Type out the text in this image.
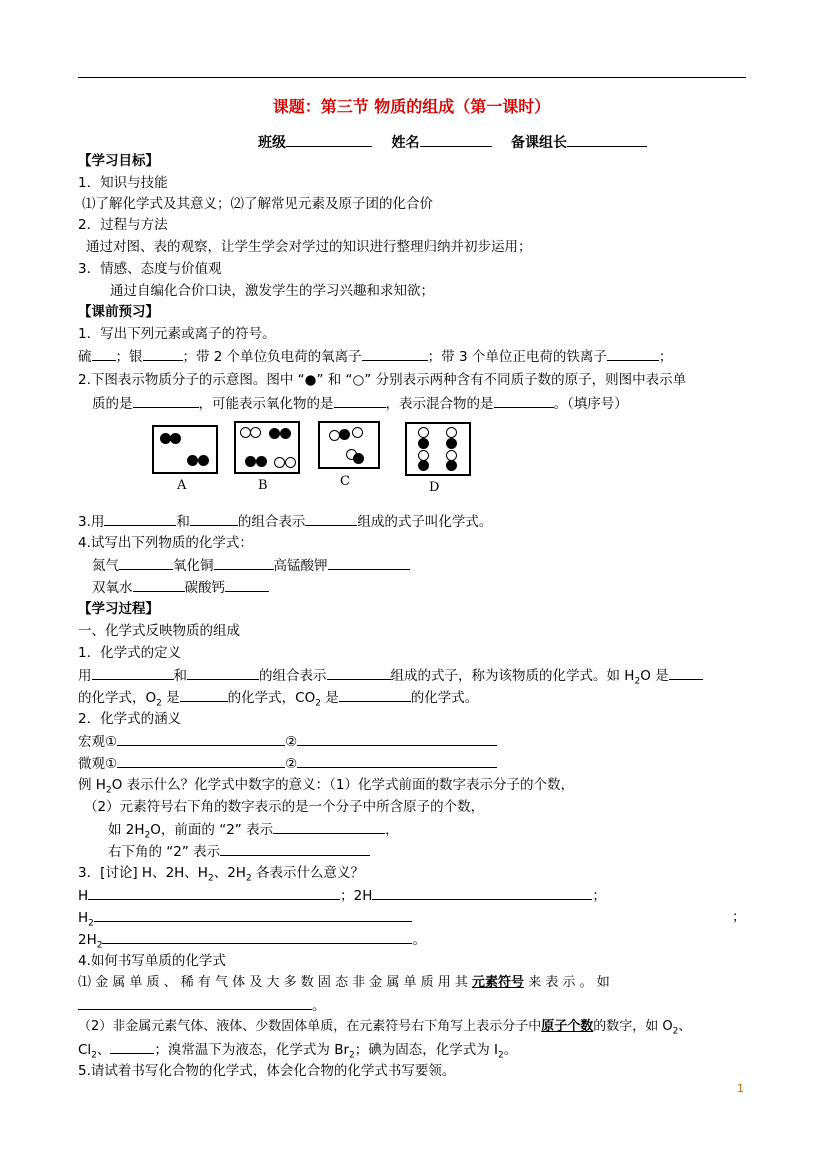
课题：第三节 物质的组成（第一课时）
班级	姓名	备课组长
【学习目标】
1．知识与技能
⑴了解化学式及其意义；⑵了解常见元素及原子团的化合价
2．过程与方法
通过对图、表的观察，让学生学会对学过的知识进行整理归纳并初步运用；
3．情感、态度与价值观
通过自编化合价口诀，激发学生的学习兴趣和求知欲；
【课前预习】
1．写出下列元素或离子的符号。
硫 ；银	；带 2 个单位负电荷的氧离子	；带 3 个单位正电荷的铁离子	；
2.下图表示物质分子的示意图。图中 “●” 和 “○” 分别表示两种含有不同质子数的原子，则图中表示单
质的是	，可能表示氧化物的是	，表示混合物的是	。（填序号）
A	B	C	D
3.用	和	的组合表示	组成的式子叫化学式。
4.试写出下列物质的化学式：
氮气	氧化铜	高锰酸钾
双氧水	碳酸钙
【学习过程】
一、化学式反映物质的组成
1．化学式的定义
用	和	的组合表示	组成的式子，称为该物质的化学式。如 $H_2O$ 是
的化学式，$O_2$ 是	的化学式，$CO_2$ 是	的化学式。
2．化学式的涵义
宏观①	②
微观①	②
例 $H_2O$ 表示什么？化学式中数字的意义：（1）化学式前面的数字表示分子的个数，
（2）元素符号右下角的数字表示的是一个分子中所含原子的个数，
如 $2H_2O$，前面的 “2” 表示	，
右下角的 “2” 表示
3．[讨论] H、2H、$H_2$、$2H_2$ 各表示什么意义？
H	；2H	；
$H_2$	；
$2H_2$	。
4.如何书写单质的化学式
⑴ 金 属 单 质 、 稀 有 气 体 及 大 多 数 固 态 非 金 属 单 质 用 其 元素符号 来 表 示 。 如
。
（2）非金属元素气体、液体、少数固体单质，在元素符号右下角写上表示分子中原子个数的数字，如 $O_2$、
$Cl_2$、	；溴常温下为液态，化学式为 $Br_2$；碘为固态，化学式为 $I_2$。
5.请试着书写化合物的化学式，体会化合物的化学式书写要领。
1
